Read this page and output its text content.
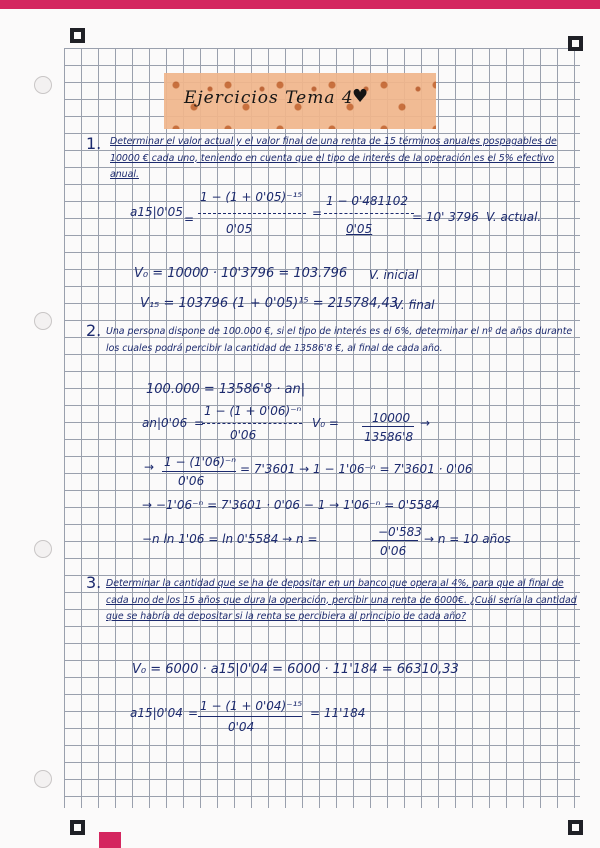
Ejercicios Tema 4
♥
1. Determinar el valor actual y el valor final de una renta de 15 términos anuales pospagables de 10000 € cada uno, teniendo en cuenta que el tipo de interés de la operación es el 5% efectivo anual.
a15|0'05 =
1 − (1 + 0'05)⁻¹⁵
0'05
=
1 − 0'481102
0'05
= 10' 3796 V. actual.
V₀ = 10000 · 10'3796 = 103.796 V. inicial
V₁₅ = 103796 (1 + 0'05)¹⁵ = 215784,43
V. final
2. Una persona dispone de 100.000 €, si el tipo de interés es el 6%, determinar el nº de años durante los cuales podrá percibir la cantidad de 13586'8 €, al final de cada año.
100.000 = 13586'8 · an|
an|0'06 =
1 − (1 + 0'06)⁻ⁿ
0'06
V₀ =	10000
13586'8
→
→ 1 − (1'06)⁻ⁿ
0'06
= 7'3601 → 1 − 1'06⁻ⁿ = 7'3601 · 0'06
→ −1'06⁻ⁿ = 7'3601 · 0'06 − 1 → 1'06⁻ⁿ = 0'5584
−n ln 1'06 = ln 0'5584 → n =	−0'583
0'06
→ n = 10 años
3. Determinar la cantidad que se ha de depositar en un banco que opera al 4%, para que al final de cada uno de los 15 años que dura la operación, percibir una renta de 6000€. ¿Cuál sería la cantidad que se habría de depositar si la renta se percibiera al principio de cada año?
V₀ = 6000 · a15|0'04 = 6000 · 11'184 = 66310,33
a15|0'04 = 1 − (1 + 0'04)⁻¹⁵
0'04
= 11'184
